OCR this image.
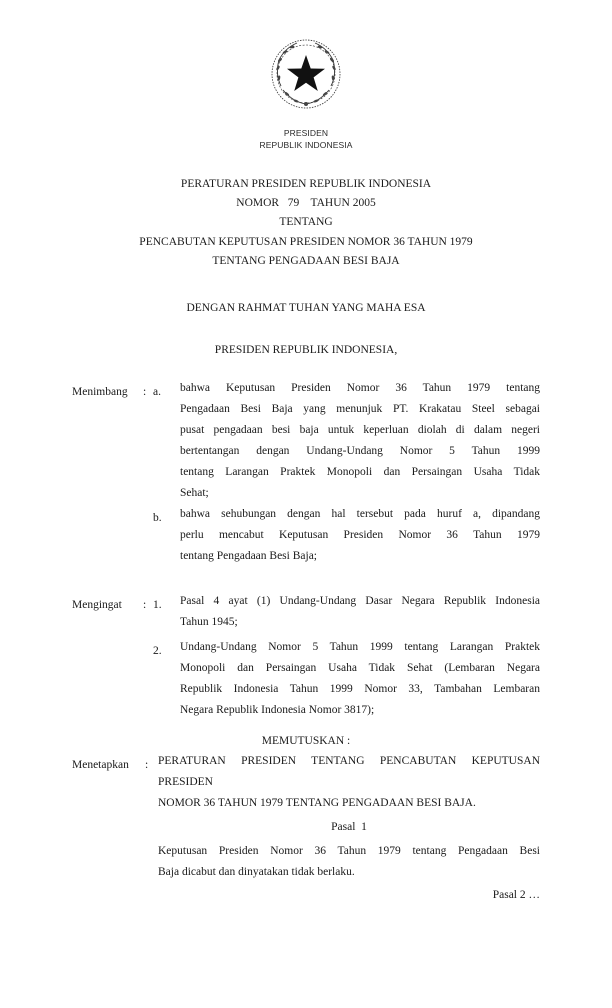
PRESIDEN
REPUBLIK INDONESIA
PERATURAN PRESIDEN REPUBLIK INDONESIA
NOMOR   79    TAHUN 2005
TENTANG
PENCABUTAN KEPUTUSAN PRESIDEN NOMOR 36 TAHUN 1979
TENTANG PENGADAAN BESI BAJA
DENGAN RAHMAT TUHAN YANG MAHA ESA
PRESIDEN REPUBLIK INDONESIA,
Menimbang : a. bahwa Keputusan Presiden Nomor 36 Tahun 1979 tentang
Pengadaan Besi Baja yang menunjuk PT. Krakatau Steel sebagai
pusat pengadaan besi baja untuk keperluan diolah di dalam negeri
bertentangan dengan Undang-Undang Nomor 5 Tahun 1999
tentang Larangan Praktek Monopoli dan Persaingan Usaha Tidak
Sehat;
b. bahwa sehubungan dengan hal tersebut pada huruf a, dipandang
perlu mencabut Keputusan Presiden Nomor 36 Tahun 1979
tentang Pengadaan Besi Baja;
Mengingat : 1. Pasal 4 ayat (1) Undang-Undang Dasar Negara Republik Indonesia
Tahun 1945;
2. Undang-Undang Nomor 5 Tahun 1999 tentang Larangan Praktek
Monopoli dan Persaingan Usaha Tidak Sehat (Lembaran Negara
Republik Indonesia Tahun 1999 Nomor 33, Tambahan Lembaran
Negara Republik Indonesia Nomor 3817);
MEMUTUSKAN :
Menetapkan : PERATURAN PRESIDEN TENTANG PENCABUTAN KEPUTUSAN PRESIDEN
NOMOR 36 TAHUN 1979 TENTANG PENGADAAN BESI BAJA.
Pasal  1
Keputusan Presiden Nomor 36 Tahun 1979 tentang Pengadaan Besi
Baja dicabut dan dinyatakan tidak berlaku.
Pasal 2 …
